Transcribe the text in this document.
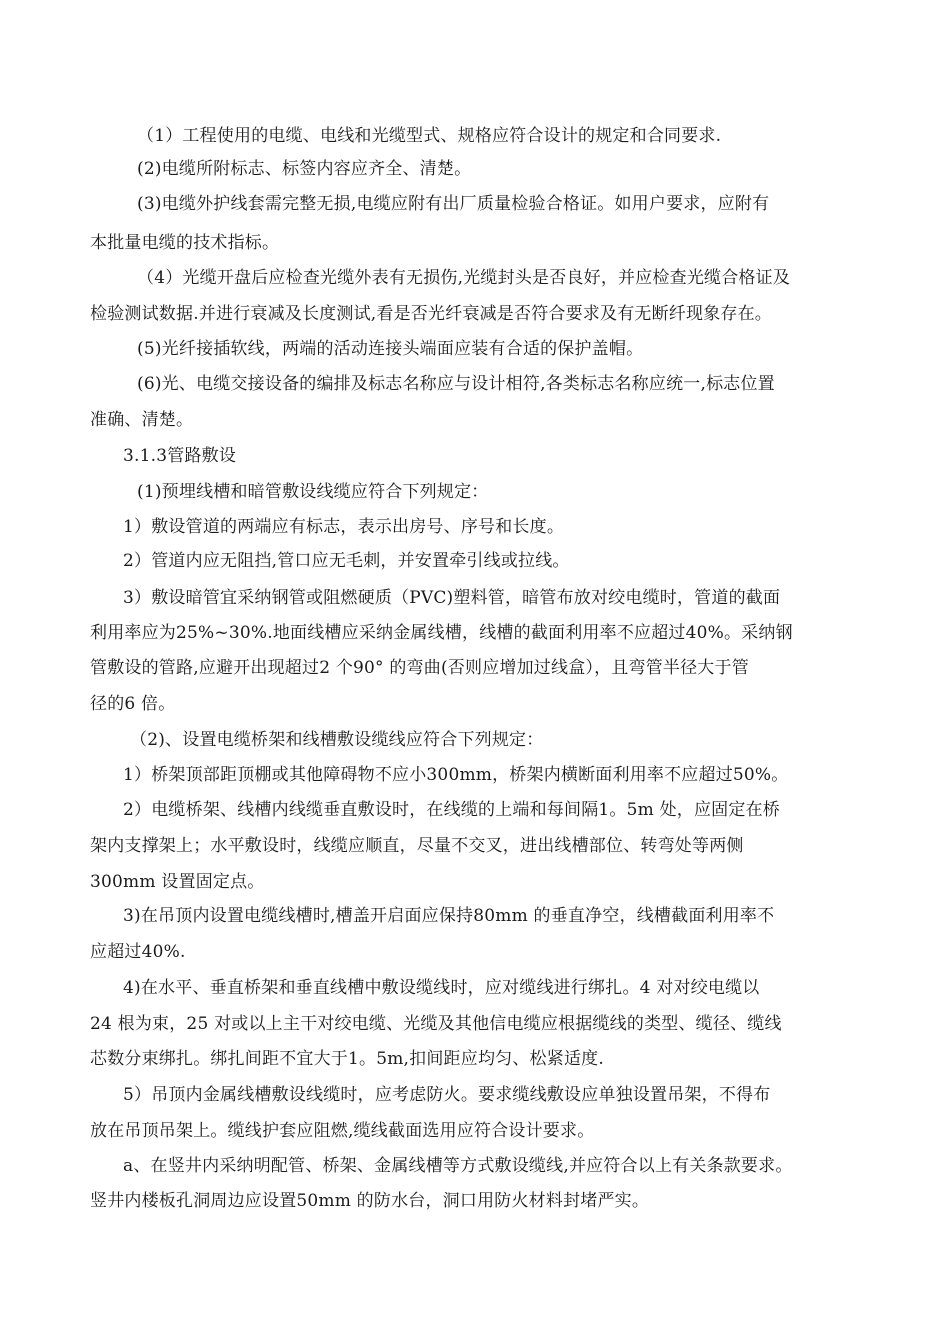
（1）工程使用的电缆、电线和光缆型式、规格应符合设计的规定和合同要求.
(2)电缆所附标志、标签内容应齐全、清楚。
(3)电缆外护线套需完整无损,电缆应附有出厂质量检验合格证。如用户要求，应附有
本批量电缆的技术指标。
（4）光缆开盘后应检查光缆外表有无损伤,光缆封头是否良好，并应检查光缆合格证及
检验测试数据.并进行衰减及长度测试,看是否光纤衰减是否符合要求及有无断纤现象存在。
(5)光纤接插软线，两端的活动连接头端面应装有合适的保护盖帽。
(6)光、电缆交接设备的编排及标志名称应与设计相符,各类标志名称应统一,标志位置
准确、清楚。
3.1.3管路敷设
(1)预埋线槽和暗管敷设线缆应符合下列规定：
1）敷设管道的两端应有标志，表示出房号、序号和长度。
2）管道内应无阻挡,管口应无毛刺，并安置牵引线或拉线。
3）敷设暗管宜采纳钢管或阻燃硬质（PVC)塑料管，暗管布放对绞电缆时，管道的截面
利用率应为25%~30%.地面线槽应采纳金属线槽，线槽的截面利用率不应超过40%。采纳钢
管敷设的管路,应避开出现超过2 个90° 的弯曲(否则应增加过线盒），且弯管半径大于管
径的6 倍。
（2)、设置电缆桥架和线槽敷设缆线应符合下列规定：
1）桥架顶部距顶棚或其他障碍物不应小300mm，桥架内横断面利用率不应超过50%。
2）电缆桥架、线槽内线缆垂直敷设时，在线缆的上端和每间隔1。5m 处，应固定在桥
架内支撑架上；水平敷设时，线缆应顺直，尽量不交叉，进出线槽部位、转弯处等两侧
300mm 设置固定点。
3)在吊顶内设置电缆线槽时,槽盖开启面应保持80mm 的垂直净空，线槽截面利用率不
应超过40%.
4)在水平、垂直桥架和垂直线槽中敷设缆线时，应对缆线进行绑扎。4 对对绞电缆以
24 根为束，25 对或以上主干对绞电缆、光缆及其他信电缆应根据缆线的类型、缆径、缆线
芯数分束绑扎。绑扎间距不宜大于1。5m,扣间距应均匀、松紧适度.
5）吊顶内金属线槽敷设线缆时，应考虑防火。要求缆线敷设应单独设置吊架，不得布
放在吊顶吊架上。缆线护套应阻燃,缆线截面选用应符合设计要求。
a、在竖井内采纳明配管、桥架、金属线槽等方式敷设缆线,并应符合以上有关条款要求。
竖井内楼板孔洞周边应设置50mm 的防水台，洞口用防火材料封堵严实。
